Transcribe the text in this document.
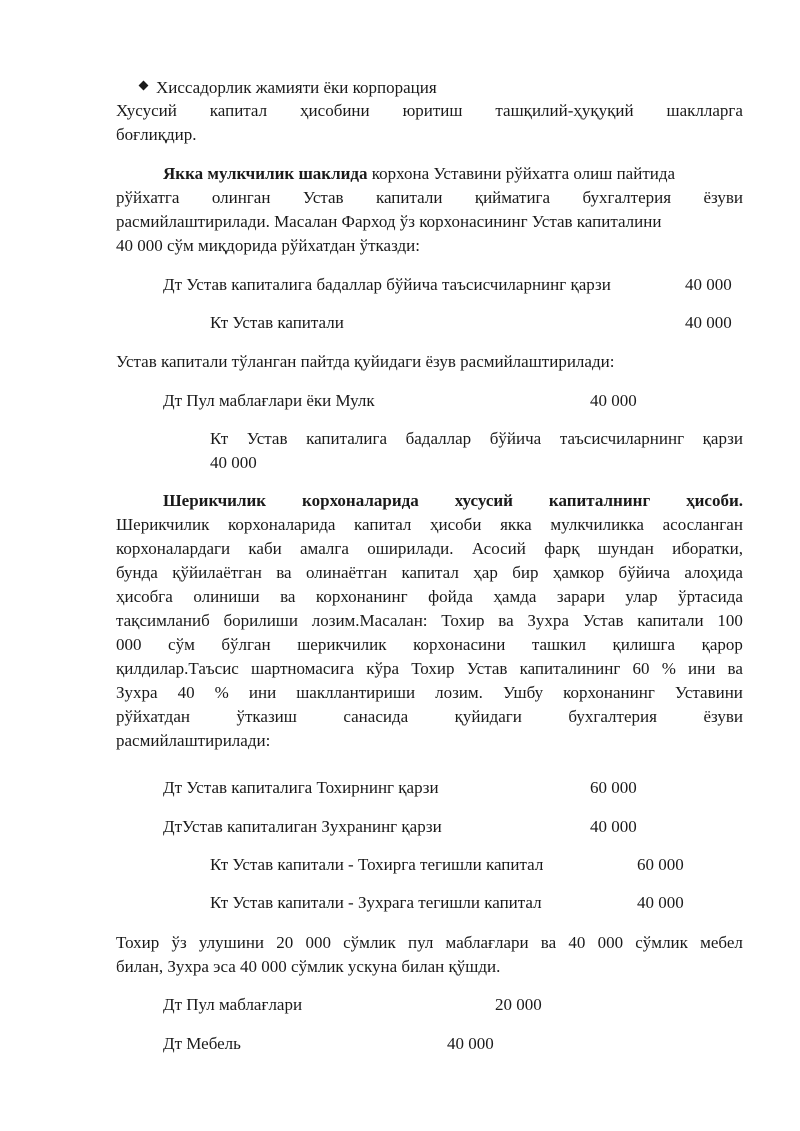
Хиссадорлик жамияти ёки корпорация
Хусусий капитал ҳисобини юритиш ташқилий-ҳуқуқий шаклларга
боғлиқдир.
Якка мулкчилик шаклида корхона Уставини рўйхатга олиш пайтида
рўйхатга олинган Устав капитали қийматига бухгалтерия ёзуви
расмийлаштирилади. Масалан Фарход ўз корхонасининг Устав капиталини
40 000 сўм миқдорида рўйхатдан ўтказди:
Дт Устав капиталига бадаллар бўйича таъсисчиларнинг қарзи	40 000
Кт Устав капитали	40 000
Устав капитали тўланган пайтда қуйидаги ёзув расмийлаштирилади:
Дт Пул маблағлари ёки Мулк	40 000
Кт Устав капиталига бадаллар бўйича таъсисчиларнинг қарзи
40 000
Шерикчилик корхоналарида хусусий капиталнинг ҳисоби.
Шерикчилик корхоналарида капитал ҳисоби якка мулкчиликка асосланган
корхоналардаги каби амалга оширилади. Асосий фарқ шундан иборатки,
бунда қўйилаётган ва олинаётган капитал ҳар бир ҳамкор бўйича алоҳида
ҳисобга олиниши ва корхонанинг фойда ҳамда зарари улар ўртасида
тақсимланиб борилиши лозим.Масалан: Тохир ва Зухра Устав капитали 100
000 сўм бўлган шерикчилик корхонасини ташкил қилишга қарор
қилдилар.Таъсис шартномасига кўра Тохир Устав капиталининг 60 % ини ва
Зухра 40 % ини шакллантириши лозим. Ушбу корхонанинг Уставини
рўйхатдан	ўтказиш	санасида	қуйидаги	бухгалтерия	ёзуви
расмийлаштирилади:
Дт Устав капиталига Тохирнинг қарзи	60 000
ДтУстав капиталиган Зухранинг қарзи	40 000
Кт Устав капитали - Тохирга тегишли капитал	60 000
Кт Устав капитали - Зухрага тегишли капитал	40 000
Тохир ўз улушини 20 000 сўмлик пул маблағлари ва 40 000 сўмлик мебел
билан, Зухра эса 40 000 сўмлик ускуна билан қўшди.
Дт Пул маблағлари	20 000
Дт Мебель	40 000
